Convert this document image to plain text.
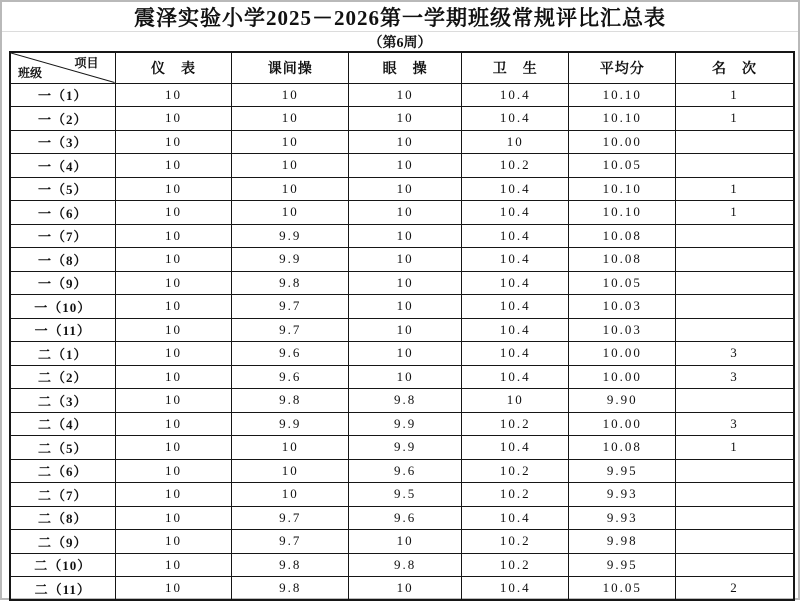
震泽实验小学2025－2026第一学期班级常规评比汇总表
（第6周）
项目
班级	仪　表	课间操	眼　操	卫　生	平均分	名　次
一（1）	10	10	10	10.4	10.10	1
一（2）	10	10	10	10.4	10.10	1
一（3）	10	10	10	10	10.00	
一（4）	10	10	10	10.2	10.05	
一（5）	10	10	10	10.4	10.10	1
一（6）	10	10	10	10.4	10.10	1
一（7）	10	9.9	10	10.4	10.08	
一（8）	10	9.9	10	10.4	10.08	
一（9）	10	9.8	10	10.4	10.05	
一（10）	10	9.7	10	10.4	10.03	
一（11）	10	9.7	10	10.4	10.03	
二（1）	10	9.6	10	10.4	10.00	3
二（2）	10	9.6	10	10.4	10.00	3
二（3）	10	9.8	9.8	10	9.90	
二（4）	10	9.9	9.9	10.2	10.00	3
二（5）	10	10	9.9	10.4	10.08	1
二（6）	10	10	9.6	10.2	9.95	
二（7）	10	10	9.5	10.2	9.93	
二（8）	10	9.7	9.6	10.4	9.93	
二（9）	10	9.7	10	10.2	9.98	
二（10）	10	9.8	9.8	10.2	9.95	
二（11）	10	9.8	10	10.4	10.05	2
